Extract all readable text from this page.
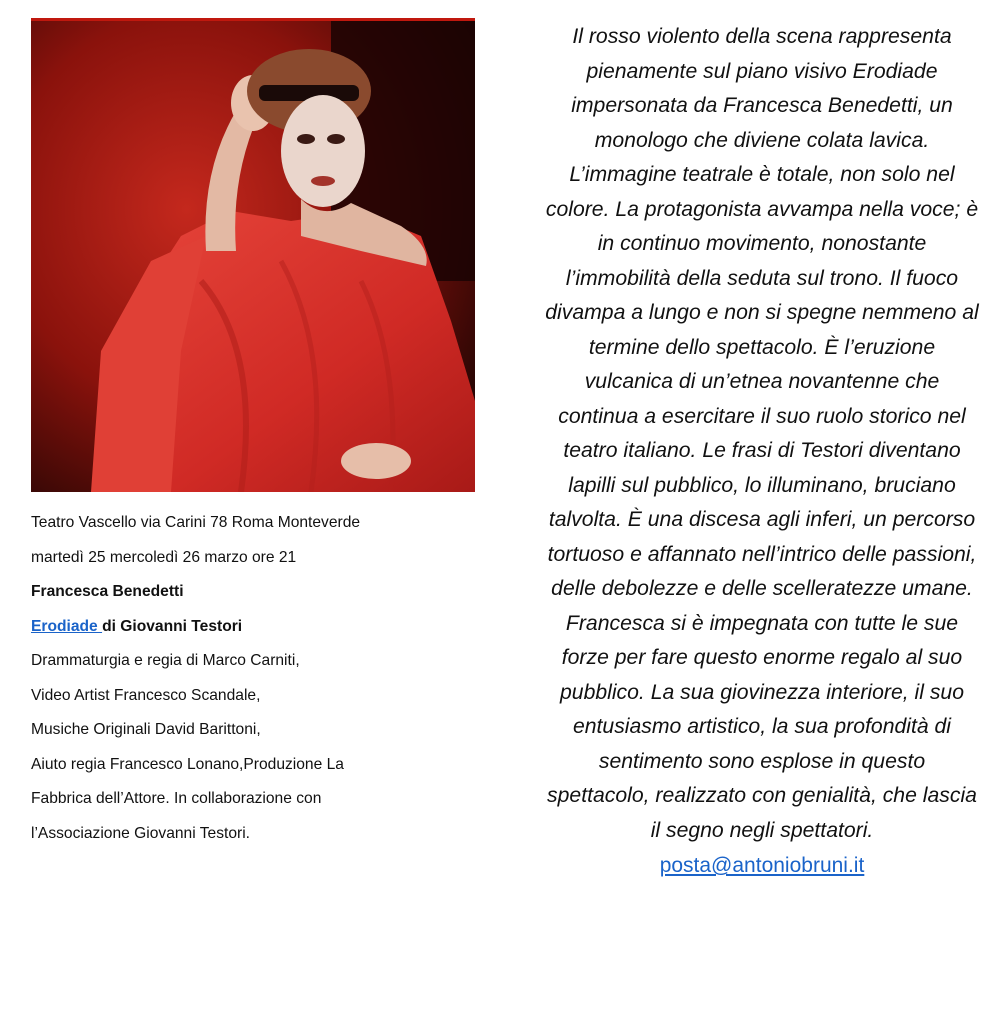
Teatro Vascello via Carini 78 Roma Monteverde
martedì 25 mercoledì 26 marzo ore 21
Francesca Benedetti
Erodiade di Giovanni Testori
Drammaturgia e regia di Marco Carniti,
Video Artist Francesco Scandale,
Musiche Originali David Barittoni,
Aiuto regia Francesco Lonano,Produzione La
Fabbrica dell’Attore. In collaborazione con
l’Associazione Giovanni Testori.

Il rosso violento della scena rappresenta pienamente sul piano visivo Erodiade impersonata da Francesca Benedetti, un monologo che diviene colata lavica. L’immagine teatrale è totale, non solo nel colore. La protagonista avvampa nella voce; è in continuo movimento, nonostante l’immobilità della seduta sul trono. Il fuoco divampa a lungo e non si spegne nemmeno al termine dello spettacolo. È l’eruzione vulcanica di un’etnea novantenne che continua a esercitare il suo ruolo storico nel teatro italiano. Le frasi di Testori diventano lapilli sul pubblico, lo illuminano, bruciano talvolta. È una discesa agli inferi, un percorso tortuoso e affannato nell’intrico delle passioni, delle debolezze e delle scelleratezze umane. Francesca si è impegnata con tutte le sue forze per fare questo enorme regalo al suo pubblico. La sua giovinezza interiore, il suo entusiasmo artistico, la sua profondità di sentimento sono esplose in questo spettacolo, realizzato con genialità, che lascia il segno negli spettatori.

posta@antoniobruni.it
